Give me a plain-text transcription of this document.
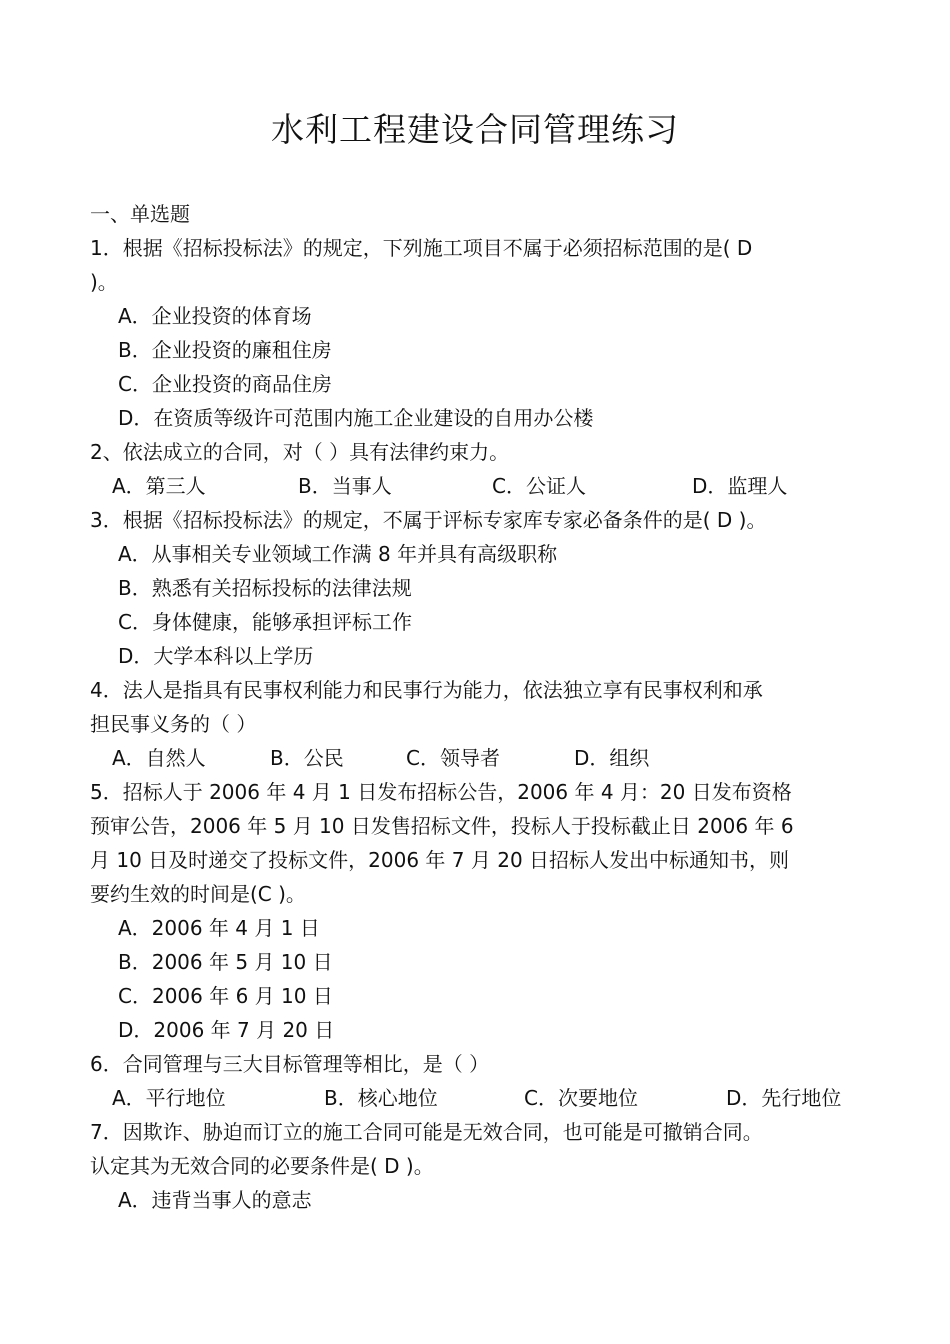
水利工程建设合同管理练习
一、单选题
1．根据《招标投标法》的规定，下列施工项目不属于必须招标范围的是( D
)。
A．企业投资的体育场
B．企业投资的廉租住房
C．企业投资的商品住房
D．在资质等级许可范围内施工企业建设的自用办公楼
2、依法成立的合同，对（ ）具有法律约束力。
A．第三人	B．当事人	C．公证人	D．监理人
3．根据《招标投标法》的规定，不属于评标专家库专家必备条件的是( D )。
A．从事相关专业领域工作满 8 年并具有高级职称
B．熟悉有关招标投标的法律法规
C．身体健康，能够承担评标工作
D．大学本科以上学历
4．法人是指具有民事权利能力和民事行为能力，依法独立享有民事权利和承
担民事义务的（ ）
A．自然人	B．公民	C．领导者	D．组织
5．招标人于 2006 年 4 月 1 日发布招标公告，2006 年 4 月：20 日发布资格
预审公告，2006 年 5 月 10 日发售招标文件，投标人于投标截止日 2006 年 6
月 10 日及时递交了投标文件，2006 年 7 月 20 日招标人发出中标通知书，则
要约生效的时间是(C )。
A．2006 年 4 月 1 日
B．2006 年 5 月 10 日
C．2006 年 6 月 10 日
D．2006 年 7 月 20 日
6．合同管理与三大目标管理等相比，是（ ）
A．平行地位	B．核心地位	C．次要地位	D．先行地位
7．因欺诈、胁迫而订立的施工合同可能是无效合同，也可能是可撤销合同。
认定其为无效合同的必要条件是( D )。
A．违背当事人的意志
